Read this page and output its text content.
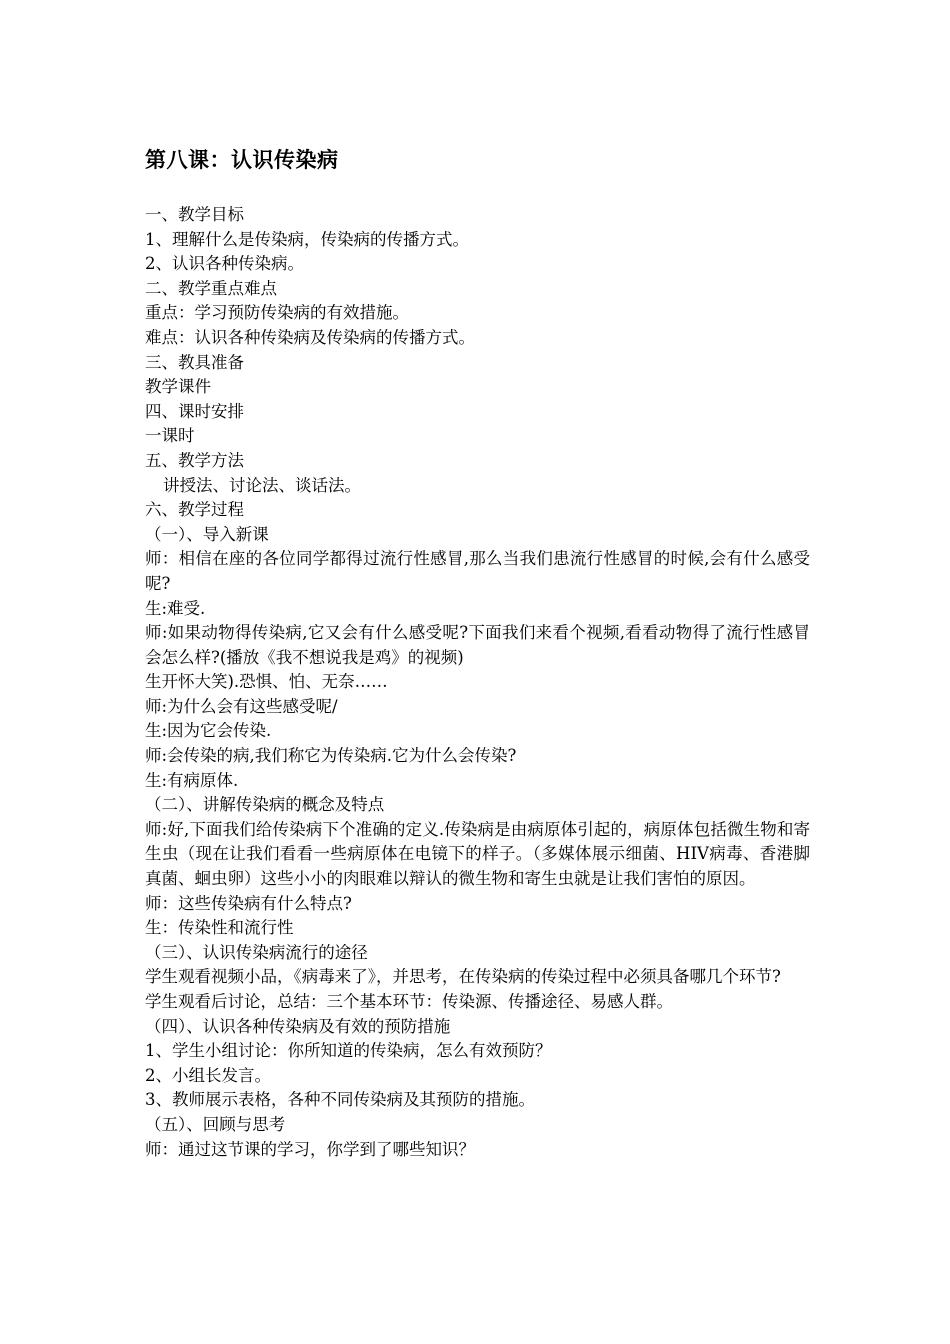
第八课：认识传染病

一、教学目标

1、理解什么是传染病，传染病的传播方式。

2、认识各种传染病。

二、教学重点难点

重点：学习预防传染病的有效措施。

难点：认识各种传染病及传染病的传播方式。

三、教具准备

教学课件

四、课时安排

一课时

五、教学方法

讲授法、讨论法、谈话法。

六、教学过程

（一）、导入新课

师：相信在座的各位同学都得过流行性感冒,那么当我们患流行性感冒的时候,会有什么感受呢?

生:难受.

师:如果动物得传染病,它又会有什么感受呢?下面我们来看个视频,看看动物得了流行性感冒会怎么样?(播放《我不想说我是鸡》的视频)

生开怀大笑).恐惧、怕、无奈……

师:为什么会有这些感受呢/

生:因为它会传染.

师:会传染的病,我们称它为传染病.它为什么会传染?

生:有病原体.

（二）、讲解传染病的概念及特点

师:好,下面我们给传染病下个准确的定义.传染病是由病原体引起的，病原体包括微生物和寄生虫（现在让我们看看一些病原体在电镜下的样子。（多媒体展示细菌、HIV病毒、香港脚真菌、蛔虫卵）这些小小的肉眼难以辩认的微生物和寄生虫就是让我们害怕的原因。

师：这些传染病有什么特点?

生：传染性和流行性

（三）、认识传染病流行的途径

学生观看视频小品，《病毒来了》，并思考，在传染病的传染过程中必须具备哪几个环节?

学生观看后讨论，总结：三个基本环节：传染源、传播途径、易感人群。

（四）、认识各种传染病及有效的预防措施

1、学生小组讨论：你所知道的传染病，怎么有效预防？

2、小组长发言。

3、教师展示表格，各种不同传染病及其预防的措施。

（五）、回顾与思考

师：通过这节课的学习，你学到了哪些知识？
